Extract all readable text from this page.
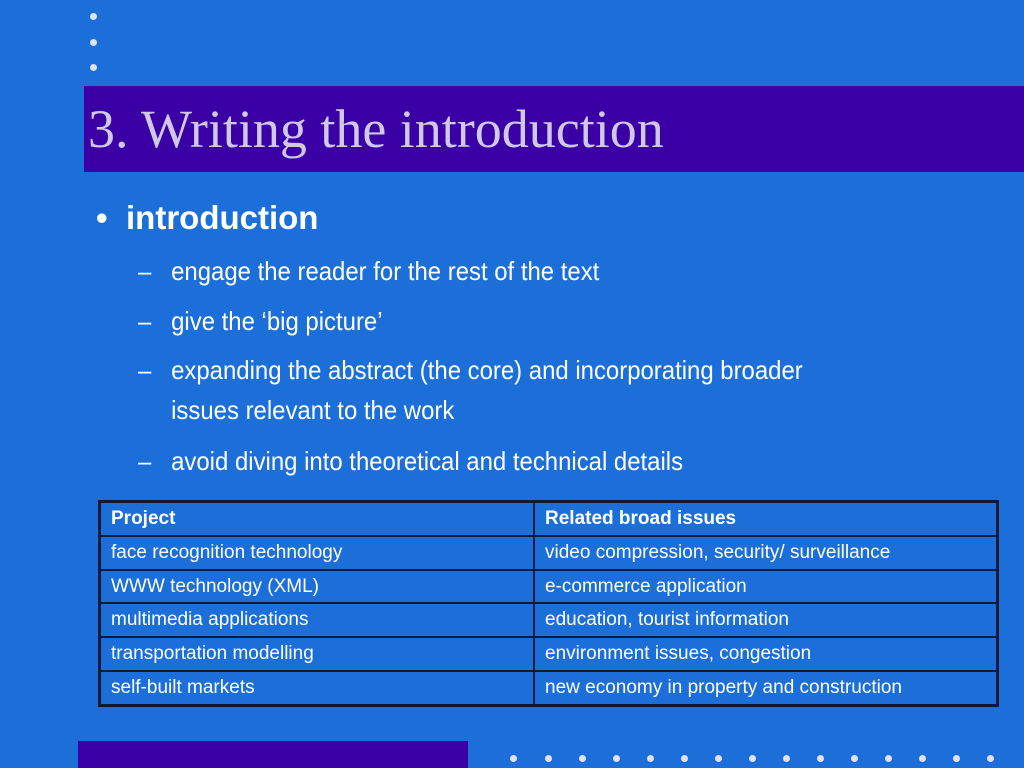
3. Writing the introduction
• introduction
– engage the reader for the rest of the text
– give the ‘big picture’
– expanding the abstract (the core) and incorporating broader issues relevant to the work
– avoid diving into theoretical and technical details
Project	Related broad issues
face recognition technology	video compression, security/ surveillance
WWW technology (XML)	e-commerce application
multimedia applications	education, tourist information
transportation modelling	environment issues, congestion
self-built markets	new economy in property and construction
